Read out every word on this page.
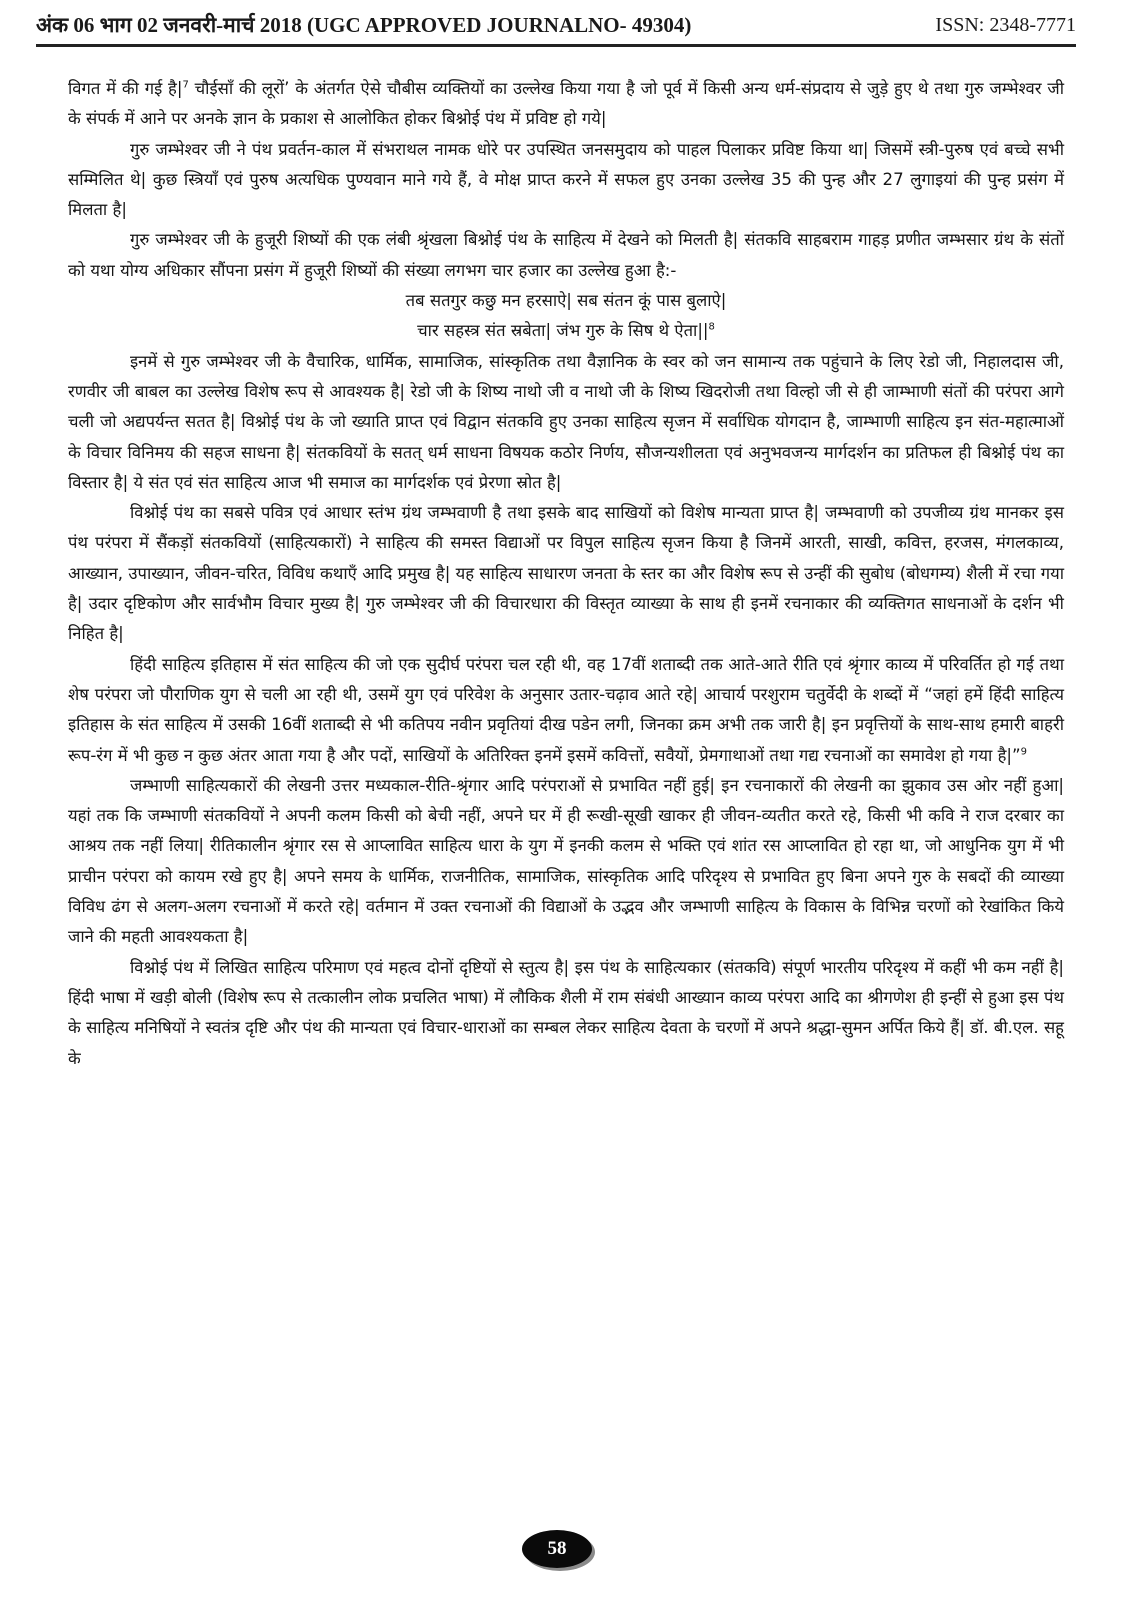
अंक 06 भाग 02 जनवरी-मार्च 2018 (UGC APPROVED JOURNALNO- 49304)	ISSN: 2348-7771

विगत में की गई $है|^7$ चौईसाँ की लूरों’ के अंतर्गत ऐसे चौबीस व्यक्तियों का उल्लेख किया गया है जो पूर्व में किसी अन्य धर्म-संप्रदाय से जुड़े हुए थे तथा गुरु जम्भेश्वर जी के संपर्क में आने पर अनके ज्ञान के प्रकाश से आलोकित होकर बिश्नोई पंथ में प्रविष्ट हो गये|

गुरु जम्भेश्वर जी ने पंथ प्रवर्तन-काल में संभराथल नामक धोरे पर उपस्थित जनसमुदाय को पाहल पिलाकर प्रविष्ट किया था| जिसमें स्त्री-पुरुष एवं बच्चे सभी सम्मिलित थे| कुछ स्त्रियाँ एवं पुरुष अत्यधिक पुण्यवान माने गये हैं, वे मोक्ष प्राप्त करने में सफल हुए उनका उल्लेख 35 की पुन्ह और 27 लुगाइयां की पुन्ह प्रसंग में मिलता है|

गुरु जम्भेश्वर जी के हुजूरी शिष्यों की एक लंबी श्रृंखला बिश्नोई पंथ के साहित्य में देखने को मिलती है| संतकवि साहबराम गाहड़ प्रणीत जम्भसार ग्रंथ के संतों को यथा योग्य अधिकार सौंपना प्रसंग में हुजूरी शिष्यों की संख्या लगभग चार हजार का उल्लेख हुआ है:-

तब सतगुर कछु मन हरसाऐ| सब संतन कूं पास बुलाऐ|

चार सहस्त्र संत स्रबेता| जंभ गुरु के सिष थे $ऐता||^8$

इनमें से गुरु जम्भेश्वर जी के वैचारिक, धार्मिक, सामाजिक, सांस्कृतिक तथा वैज्ञानिक के स्वर को जन सामान्य तक पहुंचाने के लिए रेडो जी, निहालदास जी, रणवीर जी बाबल का उल्लेख विशेष रूप से आवश्यक है| रेडो जी के शिष्य नाथो जी व नाथो जी के शिष्य खिदरोजी तथा विल्हो जी से ही जाम्भाणी संतों की परंपरा आगे चली जो अद्यपर्यन्त सतत है| विश्नोई पंथ के जो ख्याति प्राप्त एवं विद्वान संतकवि हुए उनका साहित्य सृजन में सर्वाधिक योगदान है, जाम्भाणी साहित्य इन संत-महात्माओं के विचार विनिमय की सहज साधना है| संतकवियों के सतत् धर्म साधना विषयक कठोर निर्णय, सौजन्यशीलता एवं अनुभवजन्य मार्गदर्शन का प्रतिफल ही बिश्नोई पंथ का विस्तार है| ये संत एवं संत साहित्य आज भी समाज का मार्गदर्शक एवं प्रेरणा स्रोत है|

विश्नोई पंथ का सबसे पवित्र एवं आधार स्तंभ ग्रंथ जम्भवाणी है तथा इसके बाद साखियों को विशेष मान्यता प्राप्त है| जम्भवाणी को उपजीव्य ग्रंथ मानकर इस पंथ परंपरा में सैंकड़ों संतकवियों (साहित्यकारों) ने साहित्य की समस्त विद्याओं पर विपुल साहित्य सृजन किया है जिनमें आरती, साखी, कवित्त, हरजस, मंगलकाव्य, आख्यान, उपाख्यान, जीवन-चरित, विविध कथाएँ आदि प्रमुख है| यह साहित्य साधारण जनता के स्तर का और विशेष रूप से उन्हीं की सुबोध (बोधगम्य) शैली में रचा गया है| उदार दृष्टिकोण और सार्वभौम विचार मुख्य है| गुरु जम्भेश्वर जी की विचारधारा की विस्तृत व्याख्या के साथ ही इनमें रचनाकार की व्यक्तिगत साधनाओं के दर्शन भी निहित है|

हिंदी साहित्य इतिहास में संत साहित्य की जो एक सुदीर्घ परंपरा चल रही थी, वह 17वीं शताब्दी तक आते-आते रीति एवं श्रृंगार काव्य में परिवर्तित हो गई तथा शेष परंपरा जो पौराणिक युग से चली आ रही थी, उसमें युग एवं परिवेश के अनुसार उतार-चढ़ाव आते रहे| आचार्य परशुराम चतुर्वेदी के शब्दों में “जहां हमें हिंदी साहित्य इतिहास के संत साहित्य में उसकी 16वीं शताब्दी से भी कतिपय नवीन प्रवृतियां दीख पडेन लगी, जिनका क्रम अभी तक जारी है| इन प्रवृत्तियों के साथ-साथ हमारी बाहरी रूप-रंग में भी कुछ न कुछ अंतर आता गया है और पदों, साखियों के अतिरिक्त इनमें इसमें कवित्तों, सवैयों, प्रेमगाथाओं तथा गद्य रचनाओं का समावेश हो गया है|”$^9$

जम्भाणी साहित्यकारों की लेखनी उत्तर मध्यकाल-रीति-श्रृंगार आदि परंपराओं से प्रभावित नहीं हुई| इन रचनाकारों की लेखनी का झुकाव उस ओर नहीं हुआ| यहां तक कि जम्भाणी संतकवियों ने अपनी कलम किसी को बेची नहीं, अपने घर में ही रूखी-सूखी खाकर ही जीवन-व्यतीत करते रहे, किसी भी कवि ने राज दरबार का आश्रय तक नहीं लिया| रीतिकालीन श्रृंगार रस से आप्लावित साहित्य धारा के युग में इनकी कलम से भक्ति एवं शांत रस आप्लावित हो रहा था, जो आधुनिक युग में भी प्राचीन परंपरा को कायम रखे हुए है| अपने समय के धार्मिक, राजनीतिक, सामाजिक, सांस्कृतिक आदि परिदृश्य से प्रभावित हुए बिना अपने गुरु के सबदों की व्याख्या विविध ढंग से अलग-अलग रचनाओं में करते रहे| वर्तमान में उक्त रचनाओं की विद्याओं के उद्भव और जम्भाणी साहित्य के विकास के विभिन्न चरणों को रेखांकित किये जाने की महती आवश्यकता है|

विश्नोई पंथ में लिखित साहित्य परिमाण एवं महत्व दोनों दृष्टियों से स्तुत्य है| इस पंथ के साहित्यकार (संतकवि) संपूर्ण भारतीय परिदृश्य में कहीं भी कम नहीं है| हिंदी भाषा में खड़ी बोली (विशेष रूप से तत्कालीन लोक प्रचलित भाषा) में लौकिक शैली में राम संबंधी आख्यान काव्य परंपरा आदि का श्रीगणेश ही इन्हीं से हुआ इस पंथ के साहित्य मनिषियों ने स्वतंत्र दृष्टि और पंथ की मान्यता एवं विचार-धाराओं का सम्बल लेकर साहित्य देवता के चरणों में अपने श्रद्धा-सुमन अर्पित किये हैं| डॉ. बी.एल. सहू के

58
